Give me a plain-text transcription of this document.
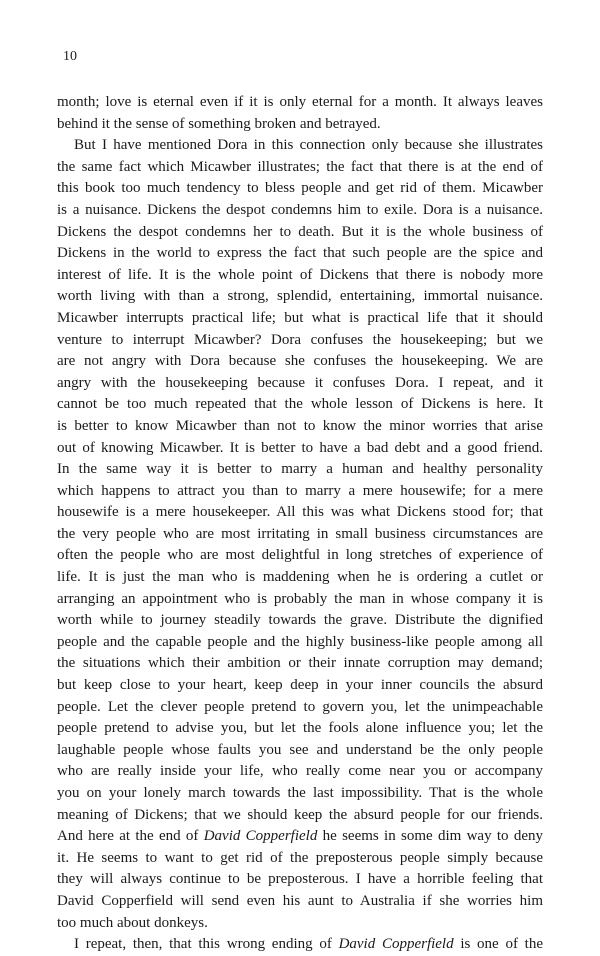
10
month; love is eternal even if it is only eternal for a month. It always leaves
behind it the sense of something broken and betrayed.
But I have mentioned Dora in this connection only because she illustrates
the same fact which Micawber illustrates; the fact that there is at the end of
this book too much tendency to bless people and get rid of them. Micawber
is a nuisance. Dickens the despot condemns him to exile. Dora is a nuisance.
Dickens the despot condemns her to death. But it is the whole business of
Dickens in the world to express the fact that such people are the spice and
interest of life. It is the whole point of Dickens that there is nobody more
worth living with than a strong, splendid, entertaining, immortal nuisance.
Micawber interrupts practical life; but what is practical life that it should
venture to interrupt Micawber? Dora confuses the housekeeping; but we
are not angry with Dora because she confuses the housekeeping. We are
angry with the housekeeping because it confuses Dora. I repeat, and it
cannot be too much repeated that the whole lesson of Dickens is here. It
is better to know Micawber than not to know the minor worries that arise
out of knowing Micawber. It is better to have a bad debt and a good friend.
In the same way it is better to marry a human and healthy personality
which happens to attract you than to marry a mere housewife; for a mere
housewife is a mere housekeeper. All this was what Dickens stood for; that
the very people who are most irritating in small business circumstances are
often the people who are most delightful in long stretches of experience of
life. It is just the man who is maddening when he is ordering a cutlet or
arranging an appointment who is probably the man in whose company it is
worth while to journey steadily towards the grave. Distribute the dignified
people and the capable people and the highly business-like people among all
the situations which their ambition or their innate corruption may demand;
but keep close to your heart, keep deep in your inner councils the absurd
people. Let the clever people pretend to govern you, let the unimpeachable
people pretend to advise you, but let the fools alone influence you; let the
laughable people whose faults you see and understand be the only people
who are really inside your life, who really come near you or accompany
you on your lonely march towards the last impossibility. That is the whole
meaning of Dickens; that we should keep the absurd people for our friends.
And here at the end of David Copperfield he seems in some dim way to deny
it. He seems to want to get rid of the preposterous people simply because
they will always continue to be preposterous. I have a horrible feeling that
David Copperfield will send even his aunt to Australia if she worries him
too much about donkeys.
I repeat, then, that this wrong ending of David Copperfield is one of the
